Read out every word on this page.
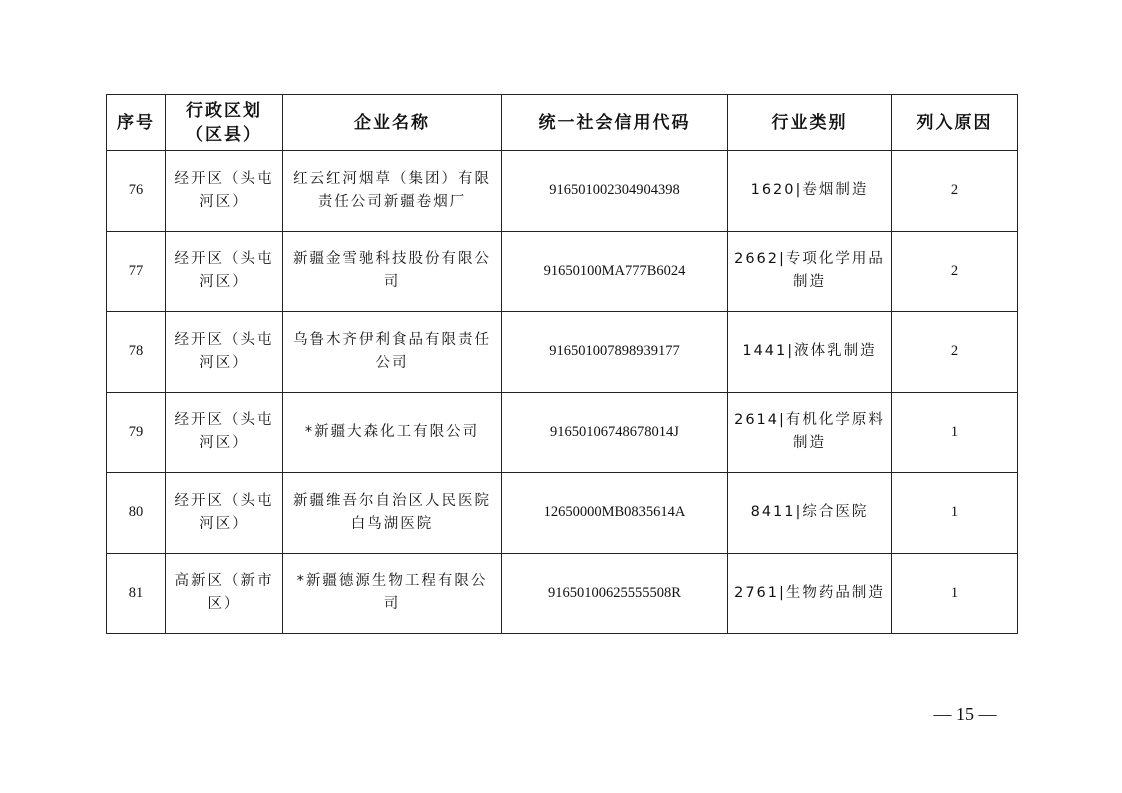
序号	行政区划（区县）	企业名称	统一社会信用代码	行业类别	列入原因
76	经开区（头屯河区）	红云红河烟草（集团）有限责任公司新疆卷烟厂	916501002304904398	1620|卷烟制造	2
77	经开区（头屯河区）	新疆金雪驰科技股份有限公司	91650100MA777B6024	2662|专项化学用品制造	2
78	经开区（头屯河区）	乌鲁木齐伊利食品有限责任公司	916501007898939177	1441|液体乳制造	2
79	经开区（头屯河区）	*新疆大森化工有限公司	91650106748678014J	2614|有机化学原料制造	1
80	经开区（头屯河区）	新疆维吾尔自治区人民医院白鸟湖医院	12650000MB0835614A	8411|综合医院	1
81	高新区（新市区）	*新疆德源生物工程有限公司	91650100625555508R	2761|生物药品制造	1
— 15 —
